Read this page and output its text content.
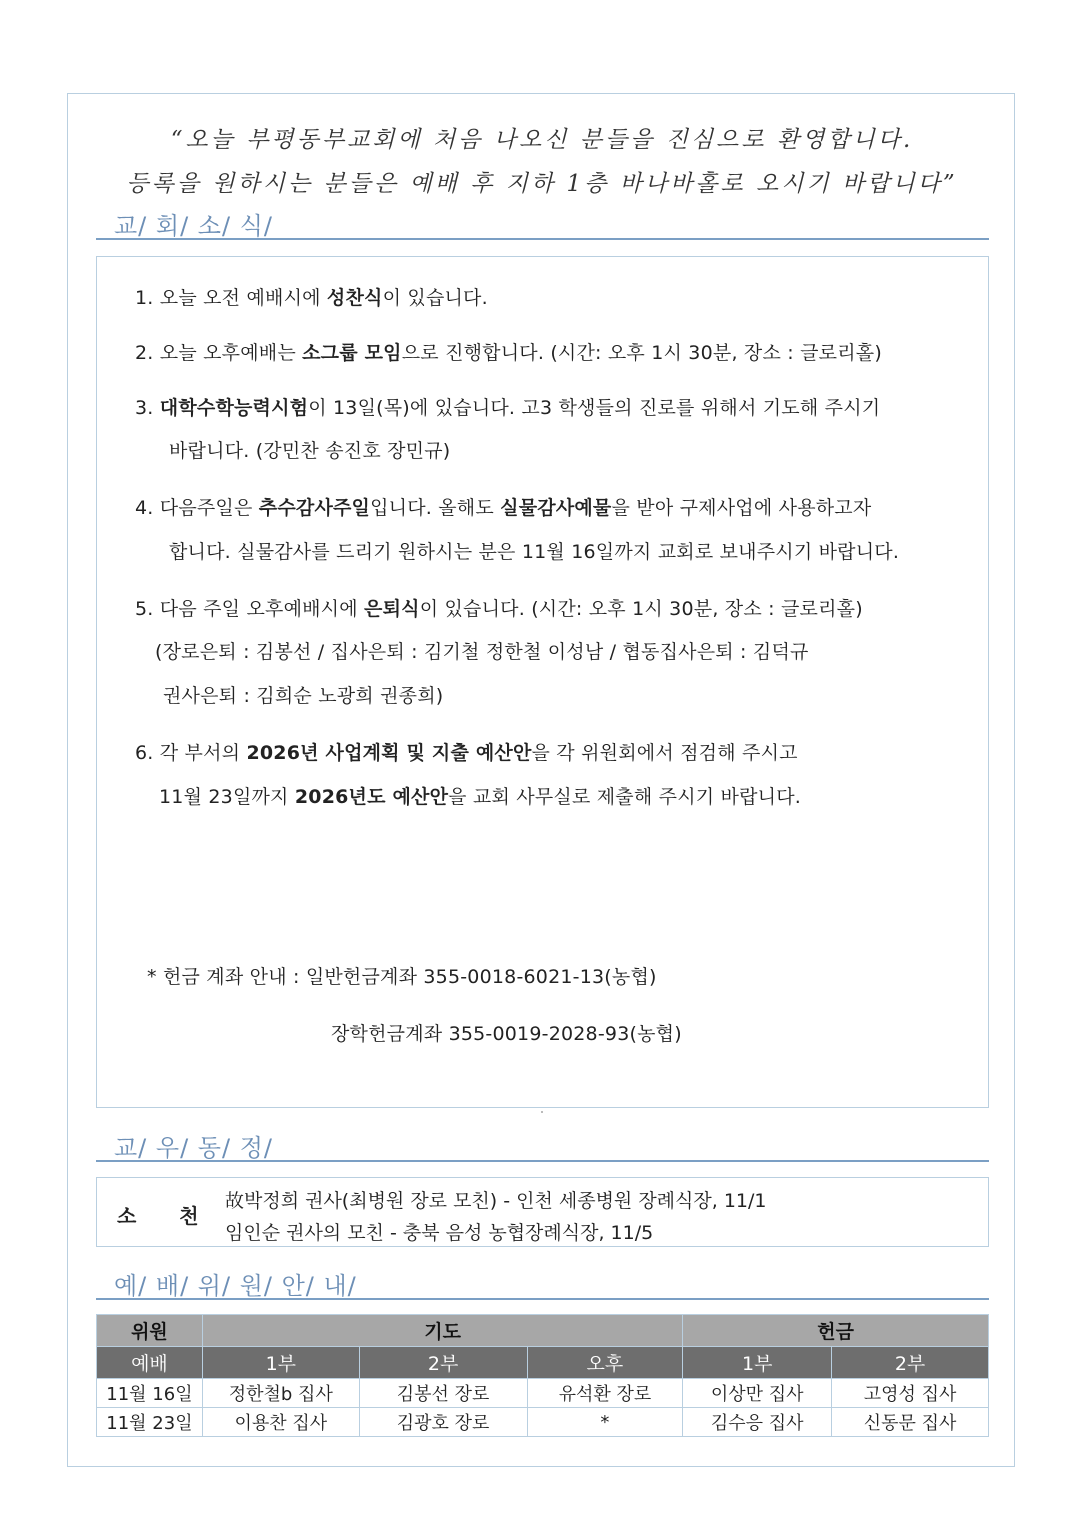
“오늘 부평동부교회에 처음 나오신 분들을 진심으로 환영합니다.
등록을 원하시는 분들은 예배 후 지하 1층 바나바홀로 오시기 바랍니다”
교/ 회/ 소/ 식/
1. 오늘 오전 예배시에 성찬식이 있습니다.
2. 오늘 오후예배는 소그룹 모임으로 진행합니다. (시간: 오후 1시 30분, 장소 : 글로리홀)
3. 대학수학능력시험이 13일(목)에 있습니다. 고3 학생들의 진로를 위해서 기도해 주시기
바랍니다. (강민찬 송진호 장민규)
4. 다음주일은 추수감사주일입니다. 올해도 실물감사예물을 받아 구제사업에 사용하고자
합니다. 실물감사를 드리기 원하시는 분은 11월 16일까지 교회로 보내주시기 바랍니다.
5. 다음 주일 오후예배시에 은퇴식이 있습니다. (시간: 오후 1시 30분, 장소 : 글로리홀)
(장로은퇴 : 김봉선 / 집사은퇴 : 김기철 정한철 이성남 / 협동집사은퇴 : 김덕규
권사은퇴 : 김희순 노광희 권종희)
6. 각 부서의 2026년 사업계획 및 지출 예산안을 각 위원회에서 점검해 주시고
11월 23일까지 2026년도 예산안을 교회 사무실로 제출해 주시기 바랍니다.
* 헌금 계좌 안내 : 일반헌금계좌 355-0018-6021-13(농협)
장학헌금계좌 355-0019-2028-93(농협)
교/ 우/ 동/ 정/
소 천
故박정희 권사(최병원 장로 모친) - 인천 세종병원 장례식장, 11/1
임인순 권사의 모친 - 충북 음성 농협장례식장, 11/5
예/ 배/ 위/ 원/ 안/ 내/
위원	기도			헌금	
예배	1부	2부	오후	1부	2부
11월 16일	정한철b 집사	김봉선 장로	유석환 장로	이상만 집사	고영성 집사
11월 23일	이용찬 집사	김광호 장로	*	김수응 집사	신동문 집사
